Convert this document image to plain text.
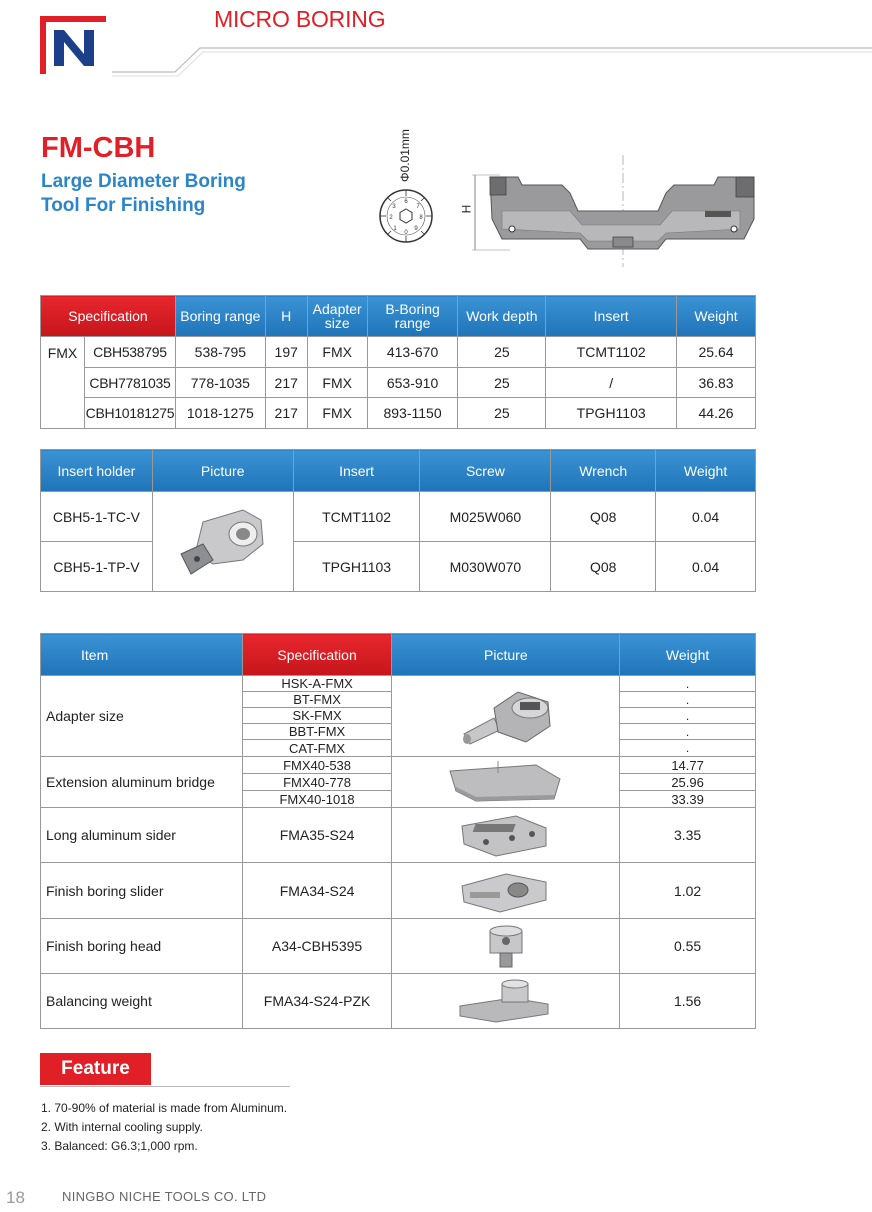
MICRO BORING
FM-CBH
Large Diameter Boring
Tool For Finishing
Φ0.01mm
6
7
8
9
0
1
2
3	H
Specification		Boring range	H	Adapter size	B-Boring range	Work depth	Insert	Weight
FMX	CBH538795	538-795	197	FMX	413-670	25	TCMT1102	25.64
	CBH7781035	778-1035	217	FMX	653-910	25	/	36.83
	CBH10181275	1018-1275	217	FMX	893-1150	25	TPGH1103	44.26
Insert holder	Picture	Insert	Screw	Wrench	Weight
CBH5-1-TC-V		TCMT1102	M025W060	Q08	0.04
CBH5-1-TP-V		TPGH1103	M030W070	Q08	0.04
Item	Specification	Picture	Weight
Adapter size	HSK-A-FMX		.
	BT-FMX		.
	SK-FMX		.
	BBT-FMX		.
	CAT-FMX		.
Extension aluminum bridge	FMX40-538		14.77
	FMX40-778		25.96
	FMX40-1018		33.39
Long aluminum sider	FMA35-S24		3.35
Finish boring slider	FMA34-S24		1.02
Finish boring head	A34-CBH5395		0.55
Balancing weight	FMA34-S24-PZK		1.56
Feature
1. 70-90% of material is made from Aluminum.
2. With internal cooling supply.
3. Balanced: G6.3;1,000 rpm.
18	NINGBO NICHE TOOLS CO. LTD
